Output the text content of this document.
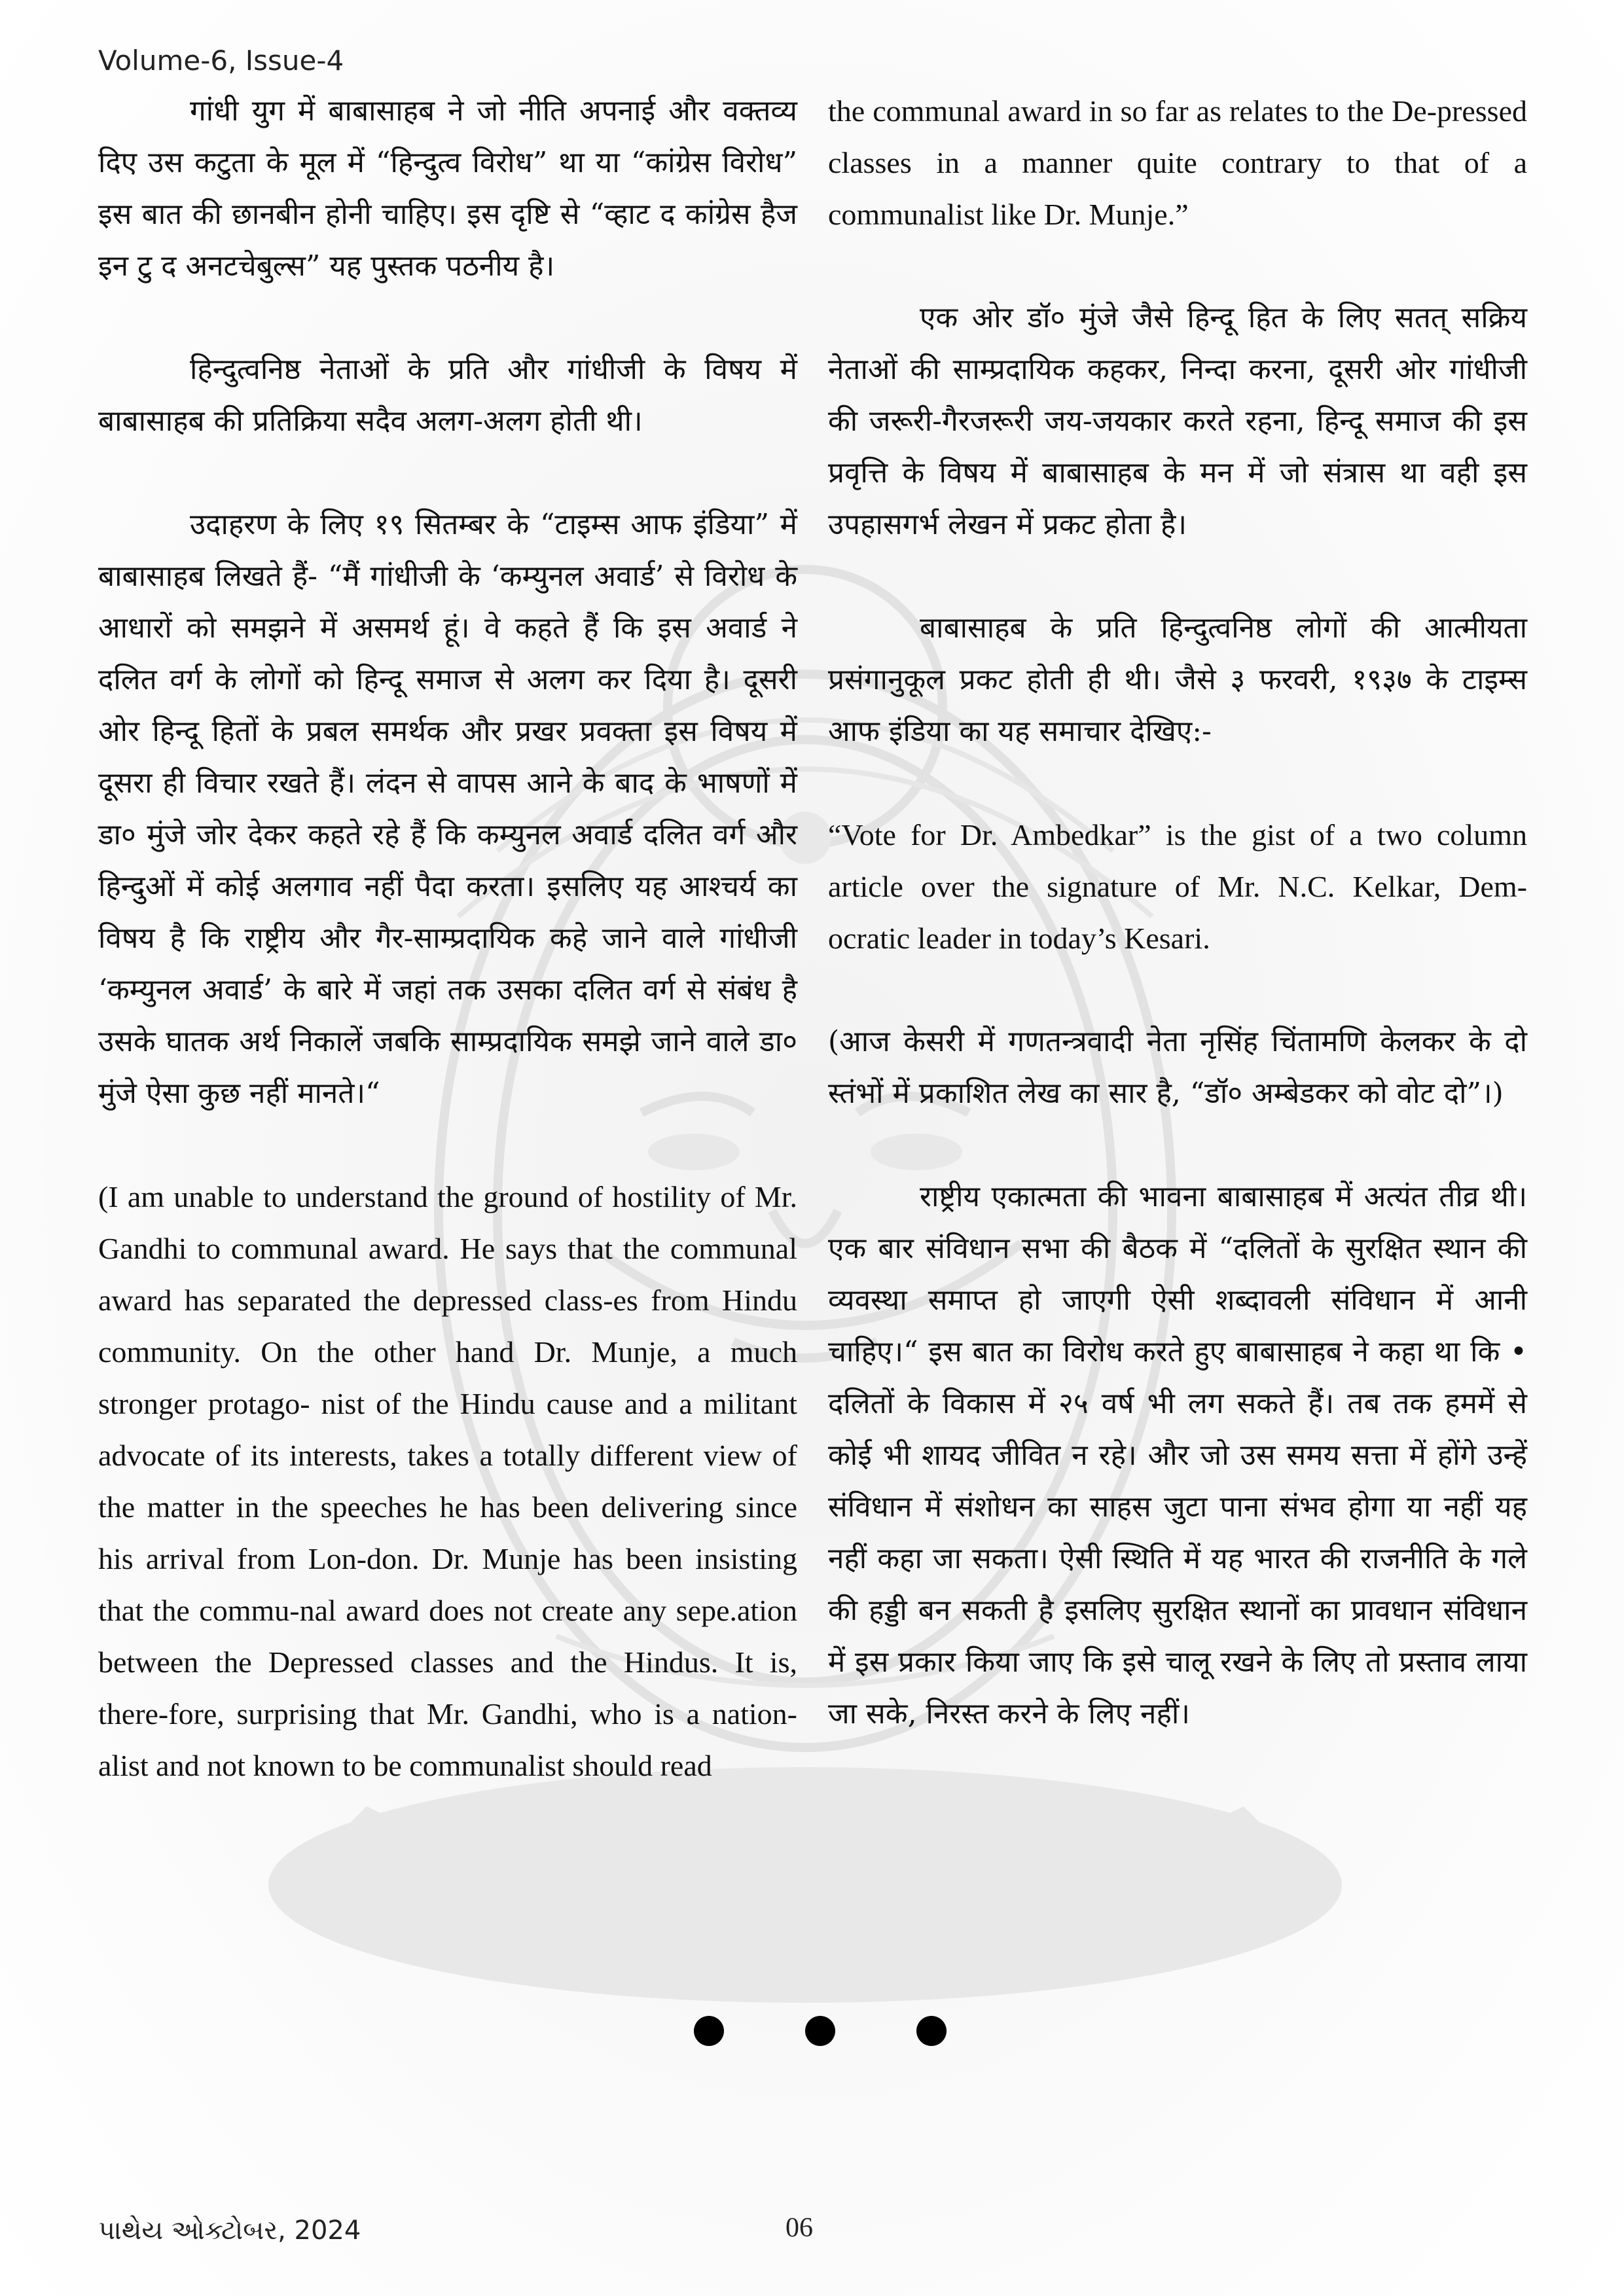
Volume-6, Issue-4

गांधी युग में बाबासाहब ने जो नीति अपनाई और वक्तव्य दिए उस कटुता के मूल में “हिन्दुत्व विरोध” था या “कांग्रेस विरोध” इस बात की छानबीन होनी चाहिए। इस दृष्टि से “व्हाट द कांग्रेस हैज इन टु द अनटचेबुल्स” यह पुस्तक पठनीय है।

हिन्दुत्वनिष्ठ नेताओं के प्रति और गांधीजी के विषय में बाबासाहब की प्रतिक्रिया सदैव अलग-अलग होती थी।

उदाहरण के लिए १९ सितम्बर के “टाइम्स आफ इंडिया” में बाबासाहब लिखते हैं- “मैं गांधीजी के ‘कम्युनल अवार्ड’ से विरोध के आधारों को समझने में असमर्थ हूं। वे कहते हैं कि इस अवार्ड ने दलित वर्ग के लोगों को हिन्दू समाज से अलग कर दिया है। दूसरी ओर हिन्दू हितों के प्रबल समर्थक और प्रखर प्रवक्ता इस विषय में दूसरा ही विचार रखते हैं। लंदन से वापस आने के बाद के भाषणों में डा० मुंजे जोर देकर कहते रहे हैं कि कम्युनल अवार्ड दलित वर्ग और हिन्दुओं में कोई अलगाव नहीं पैदा करता। इसलिए यह आश्चर्य का विषय है कि राष्ट्रीय और गैर-साम्प्रदायिक कहे जाने वाले गांधीजी ‘कम्युनल अवार्ड’ के बारे में जहां तक उसका दलित वर्ग से संबंध है उसके घातक अर्थ निकालें जबकि साम्प्रदायिक समझे जाने वाले डा० मुंजे ऐसा कुछ नहीं मानते।“

(I am unable to understand the ground of hostility of Mr. Gandhi to communal award. He says that the communal award has separated the depressed class-es from Hindu community. On the other hand Dr. Munje, a much stronger protago- nist of the Hindu cause and a militant advocate of its interests, takes a totally different view of the matter in the speeches he has been delivering since his arrival from Lon-don. Dr. Munje has been insisting that the commu-nal award does not create any sepe.ation between the Depressed classes and the Hindus. It is, there-fore, surprising that Mr. Gandhi, who is a nation-alist and not known to be communalist should read

the communal award in so far as relates to the De-pressed classes in a manner quite contrary to that of a communalist like Dr. Munje.”

एक ओर डॉ० मुंजे जैसे हिन्दू हित के लिए सतत् सक्रिय नेताओं की साम्प्रदायिक कहकर, निन्दा करना, दूसरी ओर गांधीजी की जरूरी-गैरजरूरी जय-जयकार करते रहना, हिन्दू समाज की इस प्रवृत्ति के विषय में बाबासाहब के मन में जो संत्रास था वही इस उपहासगर्भ लेखन में प्रकट होता है।

बाबासाहब के प्रति हिन्दुत्वनिष्ठ लोगों की आत्मीयता प्रसंगानुकूल प्रकट होती ही थी। जैसे ३ फरवरी, १९३७ के टाइम्स आफ इंडिया का यह समाचार देखिए:-

“Vote for Dr. Ambedkar” is the gist of a two column article over the signature of Mr. N.C. Kelkar, Dem-ocratic leader in today’s Kesari.

(आज केसरी में गणतन्त्रवादी नेता नृसिंह चिंतामणि केलकर के दो स्तंभों में प्रकाशित लेख का सार है, “डॉ० अम्बेडकर को वोट दो”।)

राष्ट्रीय एकात्मता की भावना बाबासाहब में अत्यंत तीव्र थी। एक बार संविधान सभा की बैठक में “दलितों के सुरक्षित स्थान की व्यवस्था समाप्त हो जाएगी ऐसी शब्दावली संविधान में आनी चाहिए।“ इस बात का विरोध करते हुए बाबासाहब ने कहा था कि • दलितों के विकास में २५ वर्ष भी लग सकते हैं। तब तक हममें से कोई भी शायद जीवित न रहे। और जो उस समय सत्ता में होंगे उन्हें संविधान में संशोधन का साहस जुटा पाना संभव होगा या नहीं यह नहीं कहा जा सकता। ऐसी स्थिति में यह भारत की राजनीति के गले की हड्डी बन सकती है इसलिए सुरक्षित स्थानों का प्रावधान संविधान में इस प्रकार किया जाए कि इसे चालू रखने के लिए तो प्रस्ताव लाया जा सके, निरस्त करने के लिए नहीं।

પાથેય ઓક્ટોબર, 2024	06
